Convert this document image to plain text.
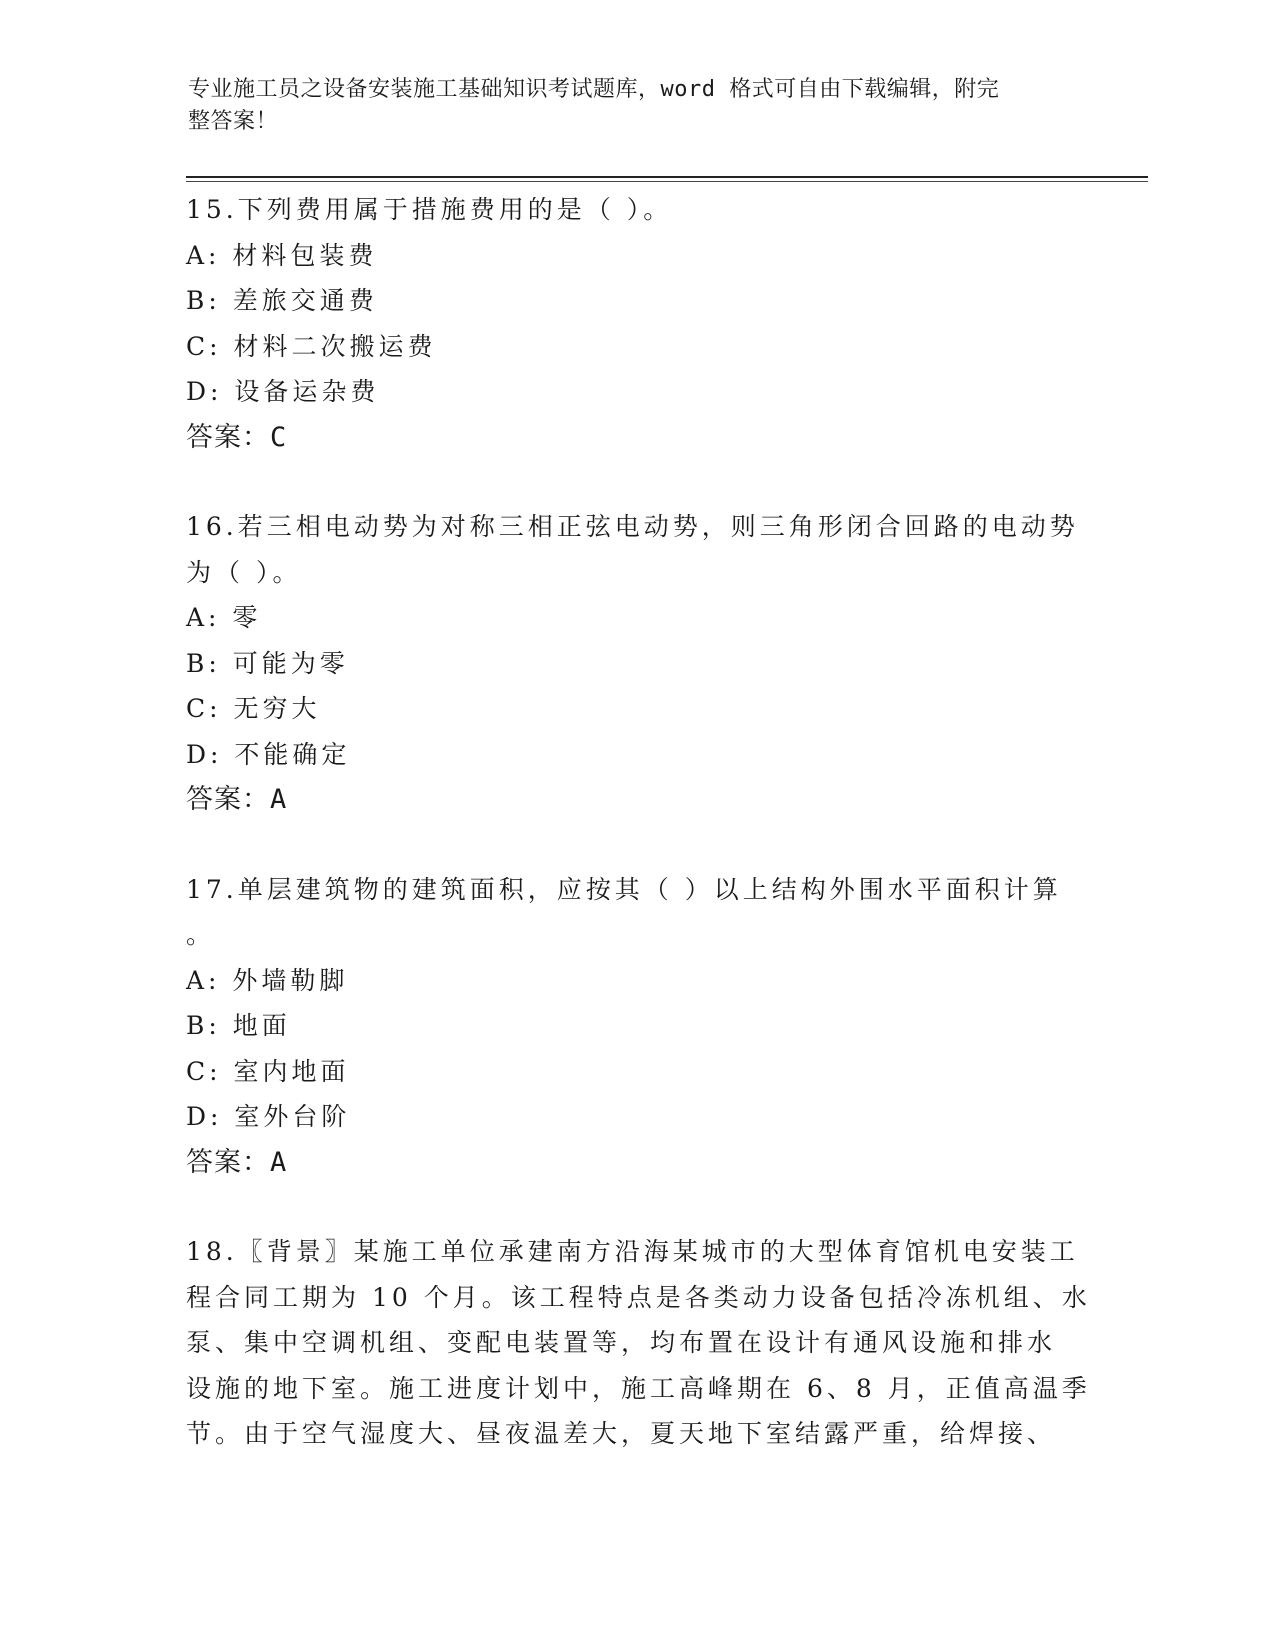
专业施工员之设备安装施工基础知识考试题库，word 格式可自由下载编辑，附完
整答案！
15.下列费用属于措施费用的是（ ）。
A: 材料包装费
B: 差旅交通费
C: 材料二次搬运费
D: 设备运杂费
答案：C
16.若三相电动势为对称三相正弦电动势，则三角形闭合回路的电动势
为（ ）。
A: 零
B: 可能为零
C: 无穷大
D: 不能确定
答案：A
17.单层建筑物的建筑面积，应按其（ ）以上结构外围水平面积计算
。
A: 外墙勒脚
B: 地面
C: 室内地面
D: 室外台阶
答案：A
18.〖背景〗某施工单位承建南方沿海某城市的大型体育馆机电安装工
程合同工期为 10 个月。该工程特点是各类动力设备包括冷冻机组、水
泵、集中空调机组、变配电装置等，均布置在设计有通风设施和排水
设施的地下室。施工进度计划中，施工高峰期在 6、8 月，正值高温季
节。由于空气湿度大、昼夜温差大，夏天地下室结露严重，给焊接、
